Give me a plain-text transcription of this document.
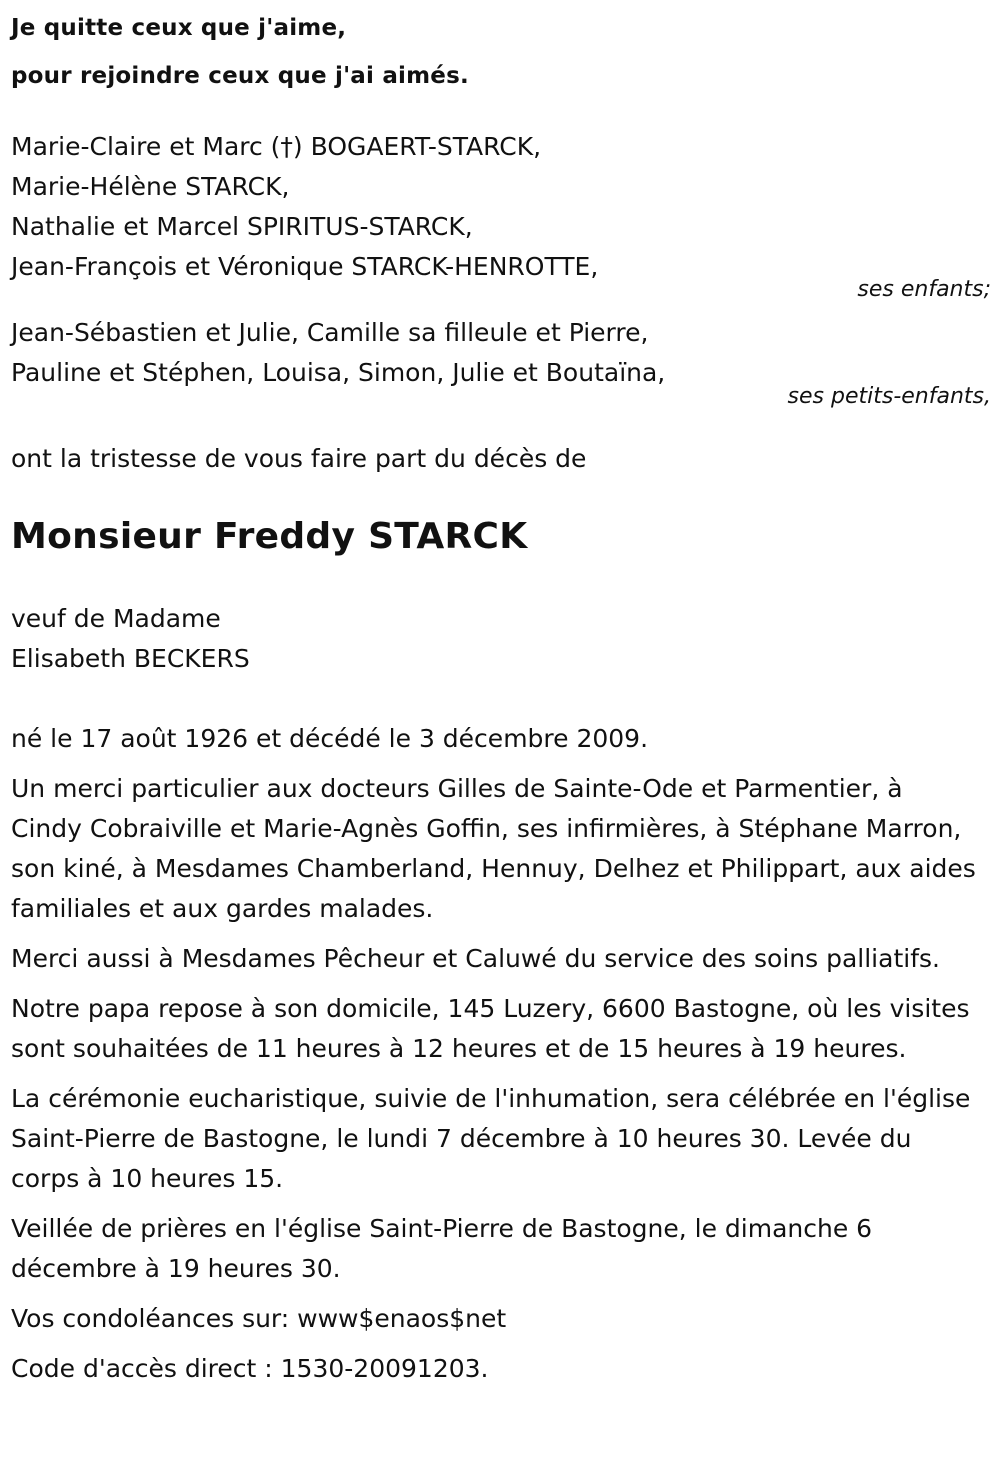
Je quitte ceux que j'aime,
pour rejoindre ceux que j'ai aimés.
Marie-Claire et Marc (†) BOGAERT-STARCK,
Marie-Hélène STARCK,
Nathalie et Marcel SPIRITUS-STARCK,
Jean-François et Véronique STARCK-HENROTTE,
ses enfants;
Jean-Sébastien et Julie, Camille sa filleule et Pierre,
Pauline et Stéphen, Louisa, Simon, Julie et Boutaïna,
ses petits-enfants,
ont la tristesse de vous faire part du décès de
Monsieur Freddy STARCK
veuf de Madame
Elisabeth BECKERS
né le 17 août 1926 et décédé le 3 décembre 2009.
Un merci particulier aux docteurs Gilles de Sainte-Ode et Parmentier, à Cindy Cobraiville et Marie-Agnès Goffin, ses infirmières, à Stéphane Marron, son kiné, à Mesdames Chamberland, Hennuy, Delhez et Philippart, aux aides familiales et aux gardes malades.
Merci aussi à Mesdames Pêcheur et Caluwé du service des soins palliatifs.
Notre papa repose à son domicile, 145 Luzery, 6600 Bastogne, où les visites sont souhaitées de 11 heures à 12 heures et de 15 heures à 19 heures.
La cérémonie eucharistique, suivie de l'inhumation, sera célébrée en l'église Saint-Pierre de Bastogne, le lundi 7 décembre à 10 heures 30. Levée du corps à 10 heures 15.
Veillée de prières en l'église Saint-Pierre de Bastogne, le dimanche 6 décembre à 19 heures 30.
Vos condoléances sur: www$enaos$net
Code d'accès direct : 1530-20091203.
